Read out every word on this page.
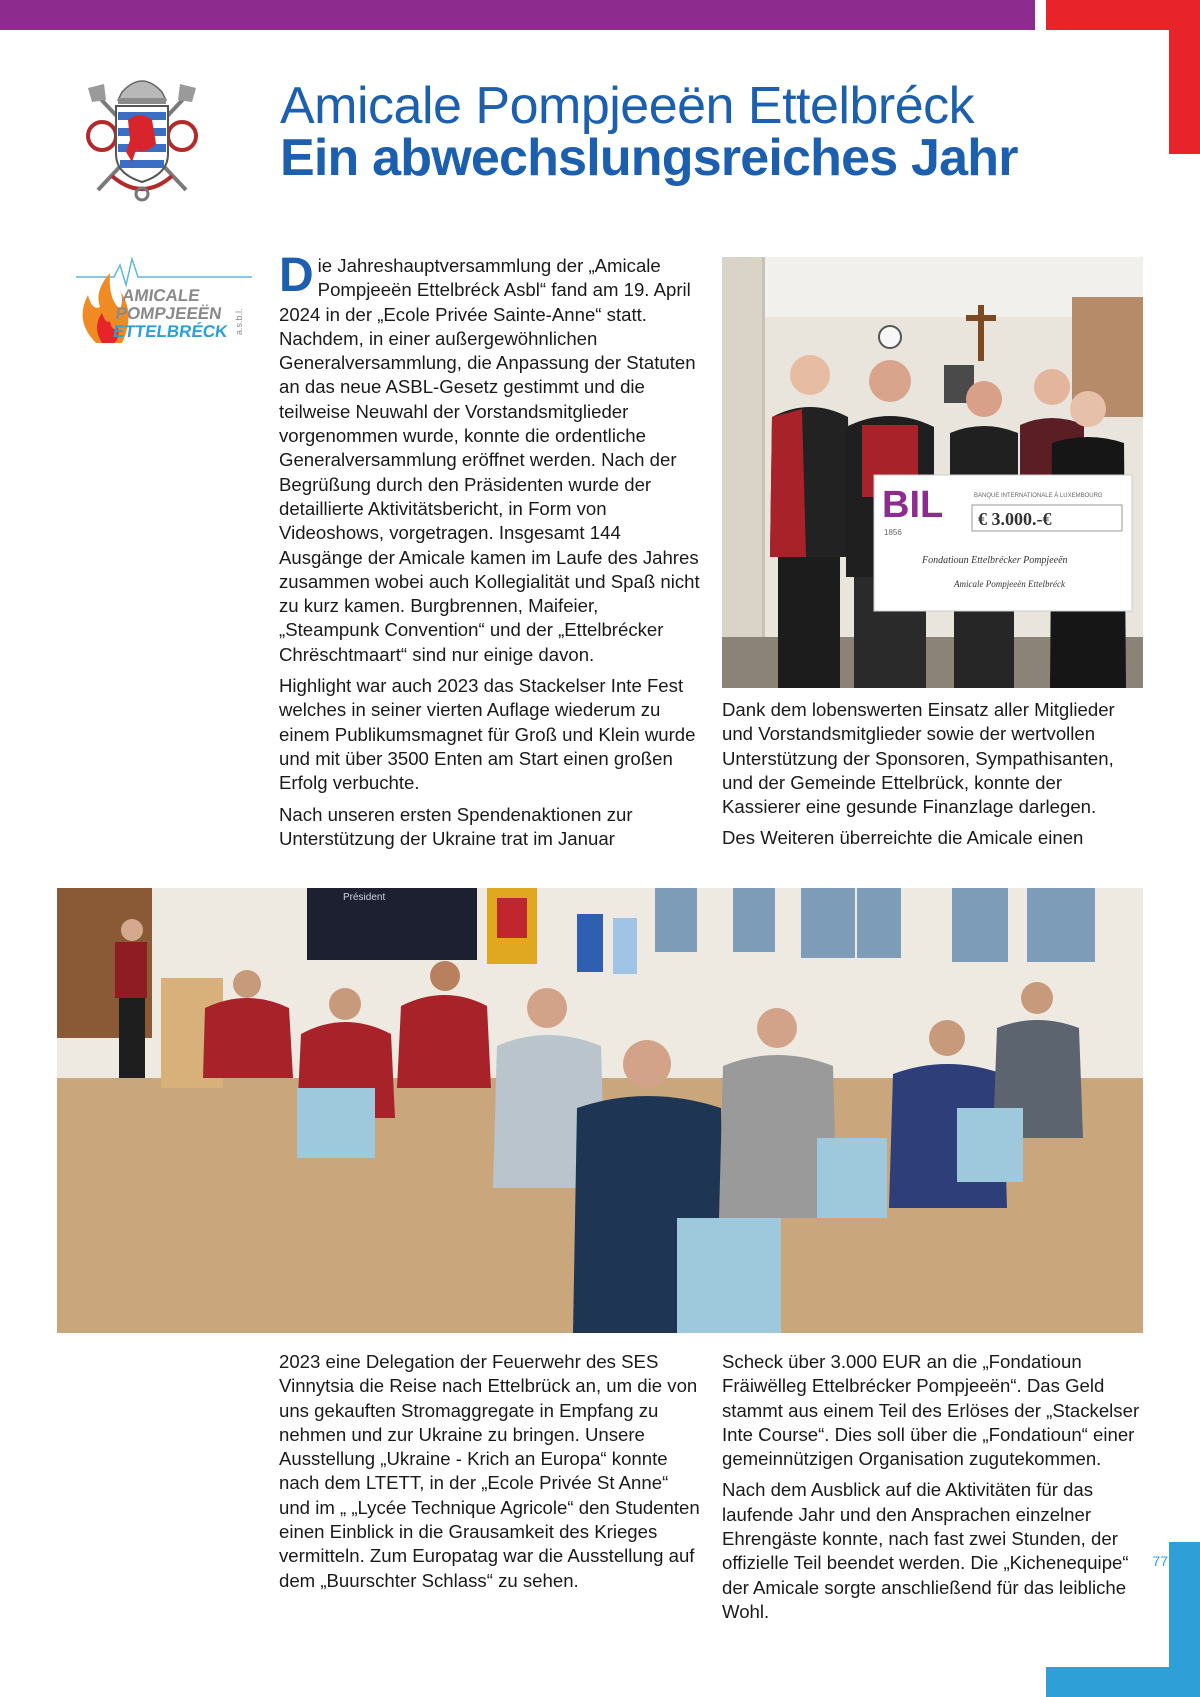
Amicale Pompjeeën Ettelbréck
Ein abwechslungsreiches Jahr
AMICALE
POMPJEEËN
ETTELBRÉCK a.s.b.l.

Die Jahreshauptversammlung der „Amicale Pompjeeën Ettelbréck Asbl“ fand am 19. April 2024 in der „Ecole Privée Sainte-Anne“ statt. Nachdem, in einer außergewöhnlichen Generalversammlung, die Anpassung der Statuten an das neue ASBL-Gesetz gestimmt und die teilweise Neuwahl der Vorstandsmitglieder vorgenommen wurde, konnte die ordentliche Generalversammlung eröffnet werden. Nach der Begrüßung durch den Präsidenten wurde der detaillierte Aktivitätsbericht, in Form von Videoshows, vorgetragen. Insgesamt 144 Ausgänge der Amicale kamen im Laufe des Jahres zusammen wobei auch Kollegialität und Spaß nicht zu kurz kamen. Burgbrennen, Maifeier, „Steampunk Convention“ und der „Ettelbrécker Chrëschtmaart“ sind nur einige davon.

Highlight war auch 2023 das Stackelser Inte Fest welches in seiner vierten Auflage wiederum zu einem Publikumsmagnet für Groß und Klein wurde und mit über 3500 Enten am Start einen großen Erfolg verbuchte.

Nach unseren ersten Spendenaktionen zur Unterstützung der Ukraine trat im Januar

BIL
1856
BANQUE INTERNATIONALE À LUXEMBOURG
€ 3.000.-€
Fondatioun Ettelbrécker Pompjeeën
Amicale Pompjeeën Ettelbréck

Dank dem lobenswerten Einsatz aller Mitglieder und Vorstandsmitglieder sowie der wertvollen Unterstützung der Sponsoren, Sympathisanten, und der Gemeinde Ettelbrück, konnte der Kassierer eine gesunde Finanzlage darlegen.

Des Weiteren überreichte die Amicale einen

Président

2023 eine Delegation der Feuerwehr des SES Vinnytsia die Reise nach Ettelbrück an, um die von uns gekauften Stromaggregate in Empfang zu nehmen und zur Ukraine zu bringen. Unsere Ausstellung „Ukraine - Krich an Europa“ konnte nach dem LTETT, in der „Ecole Privée St Anne“ und im „ „Lycée Technique Agricole“ den Studenten einen Einblick in die Grausamkeit des Krieges vermitteln. Zum Europatag war die Ausstellung auf dem „Buurschter Schlass“ zu sehen.

Scheck über 3.000 EUR an die „Fondatioun Fräiwëlleg Ettelbrécker Pompjeeën“. Das Geld stammt aus einem Teil des Erlöses der „Stackelser Inte Course“. Dies soll über die „Fondatioun“ einer gemeinnützigen Organisation zugutekommen.

Nach dem Ausblick auf die Aktivitäten für das laufende Jahr und den Ansprachen einzelner Ehrengäste konnte, nach fast zwei Stunden, der offizielle Teil beendet werden. Die „Kichenequipe“ der Amicale sorgte anschließend für das leibliche Wohl.

77
